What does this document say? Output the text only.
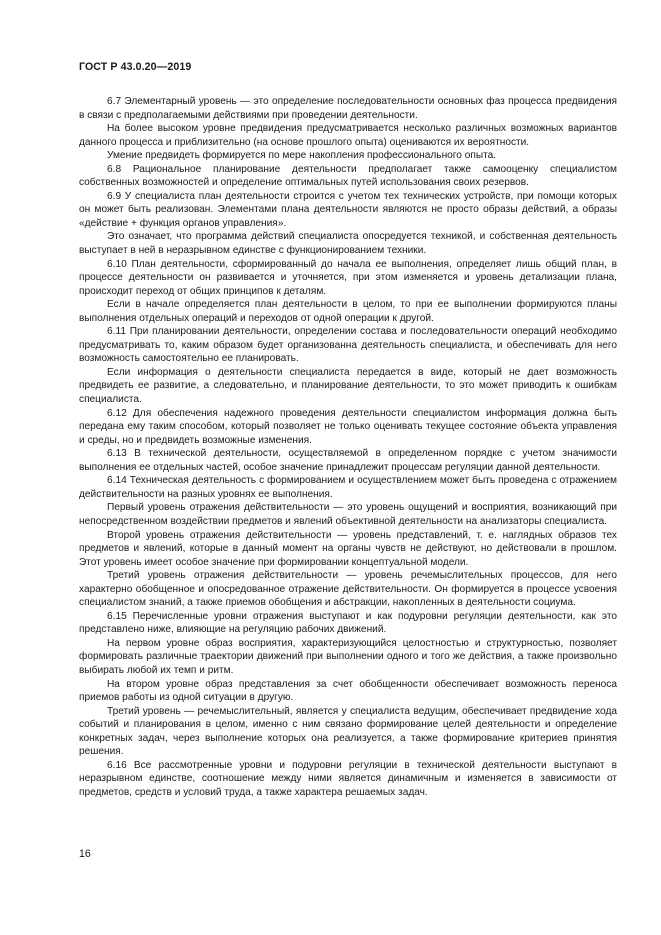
ГОСТ Р 43.0.20—2019

6.7 Элементарный уровень — это определение последовательности основных фаз процесса предвидения в связи с предполагаемыми действиями при проведении деятельности.

На более высоком уровне предвидения предусматривается несколько различных возможных вариантов данного процесса и приблизительно (на основе прошлого опыта) оцениваются их вероятности.

Умение предвидеть формируется по мере накопления профессионального опыта.

6.8 Рациональное планирование деятельности предполагает также самооценку специалистом собственных возможностей и определение оптимальных путей использования своих резервов.

6.9 У специалиста план деятельности строится с учетом тех технических устройств, при помощи которых он может быть реализован. Элементами плана деятельности являются не просто образы действий, а образы «действие + функция органов управления».

Это означает, что программа действий специалиста опосредуется техникой, и собственная деятельность выступает в ней в неразрывном единстве с функционированием техники.

6.10 План деятельности, сформированный до начала ее выполнения, определяет лишь общий план, в процессе деятельности он развивается и уточняется, при этом изменяется и уровень детализации плана, происходит переход от общих принципов к деталям.

Если в начале определяется план деятельности в целом, то при ее выполнении формируются планы выполнения отдельных операций и переходов от одной операции к другой.

6.11 При планировании деятельности, определении состава и последовательности операций необходимо предусматривать то, каким образом будет организованна деятельность специалиста, и обеспечивать для него возможность самостоятельно ее планировать.

Если информация о деятельности специалиста передается в виде, который не дает возможность предвидеть ее развитие, а следовательно, и планирование деятельности, то это может приводить к ошибкам специалиста.

6.12 Для обеспечения надежного проведения деятельности специалистом информация должна быть передана ему таким способом, который позволяет не только оценивать текущее состояние объекта управления и среды, но и предвидеть возможные изменения.

6.13 В технической деятельности, осуществляемой в определенном порядке с учетом значимости выполнения ее отдельных частей, особое значение принадлежит процессам регуляции данной деятельности.

6.14 Техническая деятельность с формированием и осуществлением может быть проведена с отражением действительности на разных уровнях ее выполнения.

Первый уровень отражения действительности — это уровень ощущений и восприятия, возникающий при непосредственном воздействии предметов и явлений объективной деятельности на анализаторы специалиста.

Второй уровень отражения действительности — уровень представлений, т. е. наглядных образов тех предметов и явлений, которые в данный момент на органы чувств не действуют, но действовали в прошлом. Этот уровень имеет особое значение при формировании концептуальной модели.

Третий уровень отражения действительности — уровень речемыслительных процессов, для него характерно обобщенное и опосредованное отражение действительности. Он формируется в процессе усвоения специалистом знаний, а также приемов обобщения и абстракции, накопленных в деятельности социума.

6.15 Перечисленные уровни отражения выступают и как подуровни регуляции деятельности, как это представлено ниже, влияющие на регуляцию рабочих движений.

На первом уровне образ восприятия, характеризующийся целостностью и структурностью, позволяет формировать различные траектории движений при выполнении одного и того же действия, а также произвольно выбирать любой их темп и ритм.

На втором уровне образ представления за счет обобщенности обеспечивает возможность переноса приемов работы из одной ситуации в другую.

Третий уровень — речемыслительный, является у специалиста ведущим, обеспечивает предвидение хода событий и планирования в целом, именно с ним связано формирование целей деятельности и определение конкретных задач, через выполнение которых она реализуется, а также формирование критериев принятия решения.

6.16 Все рассмотренные уровни и подуровни регуляции в технической деятельности выступают в неразрывном единстве, соотношение между ними является динамичным и изменяется в зависимости от предметов, средств и условий труда, а также характера решаемых задач.

16
